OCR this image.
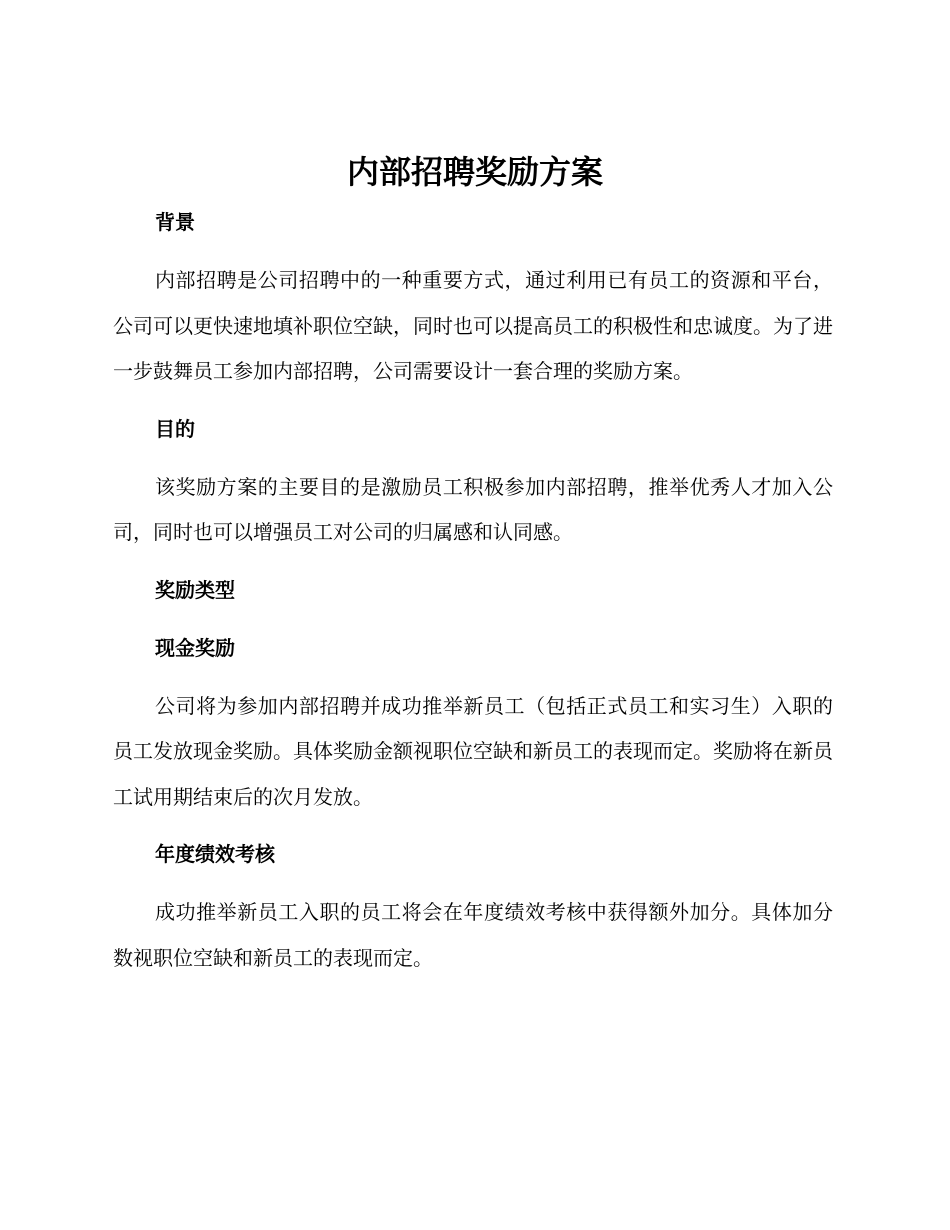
内部招聘奖励方案
背景

内部招聘是公司招聘中的一种重要方式，通过利用已有员工的资源和平台，公司可以更快速地填补职位空缺，同时也可以提高员工的积极性和忠诚度。为了进一步鼓舞员工参加内部招聘，公司需要设计一套合理的奖励方案。

目的

该奖励方案的主要目的是激励员工积极参加内部招聘，推举优秀人才加入公司，同时也可以增强员工对公司的归属感和认同感。

奖励类型
现金奖励

公司将为参加内部招聘并成功推举新员工（包括正式员工和实习生）入职的员工发放现金奖励。具体奖励金额视职位空缺和新员工的表现而定。奖励将在新员工试用期结束后的次月发放。

年度绩效考核

成功推举新员工入职的员工将会在年度绩效考核中获得额外加分。具体加分数视职位空缺和新员工的表现而定。
